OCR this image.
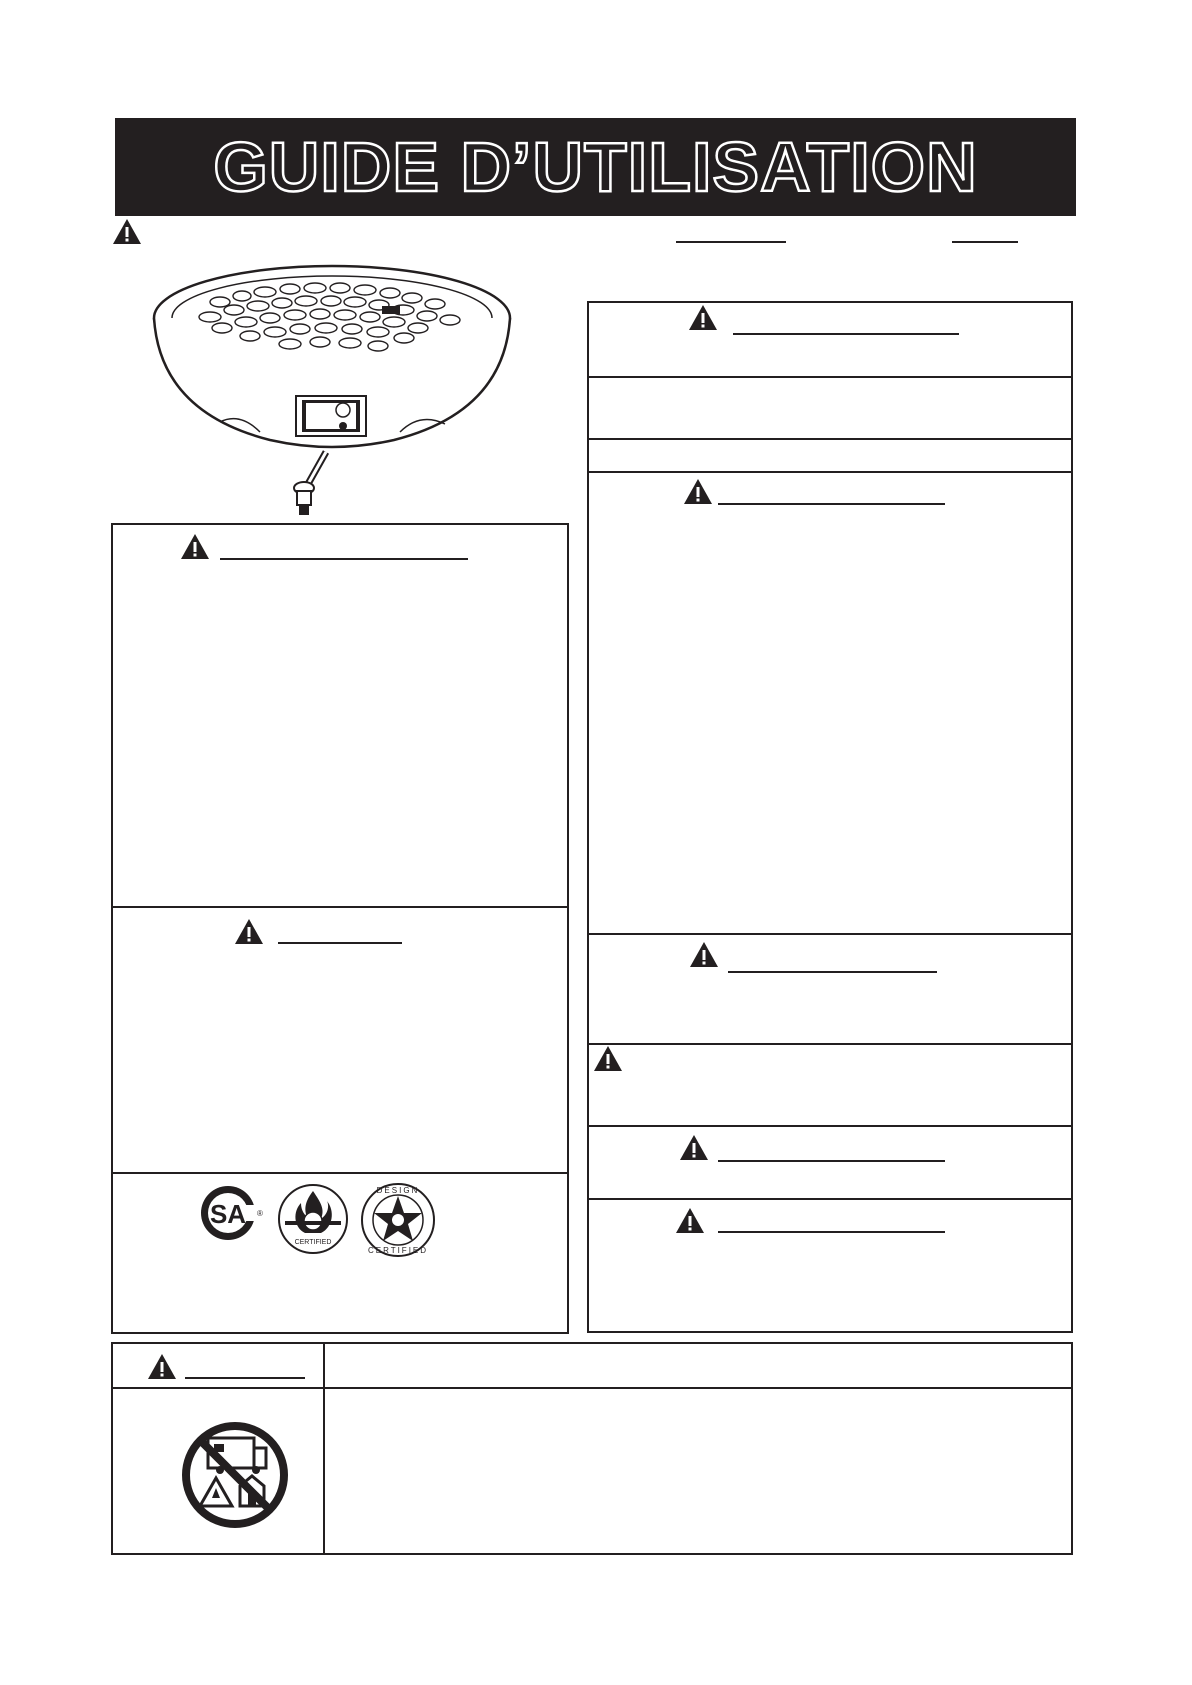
GUIDE D’UTILISATION
SA ®
CERTIFIED
DESIGN
CERTIFIED
